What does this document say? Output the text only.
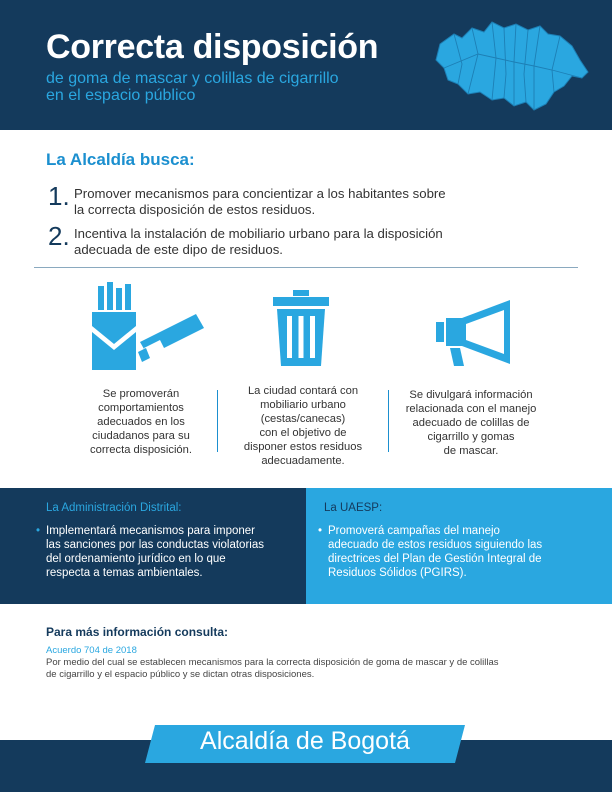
Correcta disposición
de goma de mascar y colillas de cigarrillo
en el espacio público
La Alcaldía busca:
1. Promover mecanismos para concientizar a los habitantes sobre
la correcta disposición de estos residuos.
2. Incentiva la instalación de mobiliario urbano para la disposición
adecuada de este dipo de residuos.
Se promoverán
comportamientos
adecuados en los
ciudadanos para su
correcta disposición.
La ciudad contará con
mobiliario urbano
(cestas/canecas)
con el objetivo de
disponer estos residuos
adecuadamente.
Se divulgará información
relacionada con el manejo
adecuado de colillas de
cigarrillo y gomas
de mascar.
La Administración Distrital:
• Implementará mecanismos para imponer
las sanciones por las conductas violatorias
del ordenamiento jurídico en lo que
respecta a temas ambientales.
La UAESP:
• Promoverá campañas del manejo
adecuado de estos residuos siguiendo las
directrices del Plan de Gestión Integral de
Residuos Sólidos (PGIRS).
Para más información consulta:
Acuerdo 704 de 2018
Por medio del cual se establecen mecanismos para la correcta disposición de goma de mascar y de colillas
de cigarrillo y el espacio público y se dictan otras disposiciones.
Alcaldía de Bogotá
